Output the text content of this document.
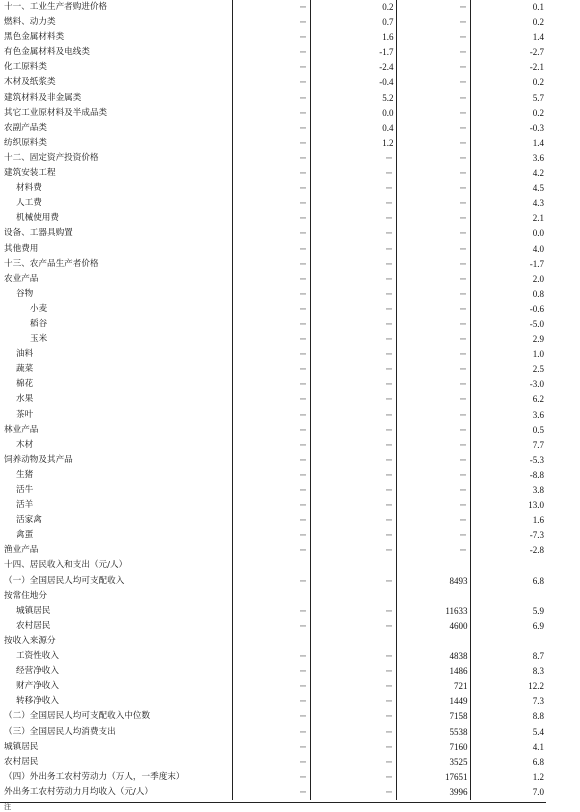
十一、工业生产者购进价格	···	0.2	···	0.1
燃料、动力类	···	0.7	···	0.2
黑色金属材料类	···	1.6	···	1.4
有色金属材料及电线类	···	-1.7	···	-2.7
化工原料类	···	-2.4	···	-2.1
木材及纸浆类	···	-0.4	···	0.2
建筑材料及非金属类	···	5.2	···	5.7
其它工业原材料及半成品类	···	0.0	···	0.2
农副产品类	···	0.4	···	-0.3
纺织原料类	···	1.2	···	1.4
十二、固定资产投资价格	···	···	···	3.6
建筑安装工程	···	···	···	4.2
材料费	···	···	···	4.5
人工费	···	···	···	4.3
机械使用费	···	···	···	2.1
设备、工器具购置	···	···	···	0.0
其他费用	···	···	···	4.0
十三、农产品生产者价格	···	···	···	-1.7
农业产品	···	···	···	2.0
谷物	···	···	···	0.8
小麦	···	···	···	-0.6
稻谷	···	···	···	-5.0
玉米	···	···	···	2.9
油料	···	···	···	1.0
蔬菜	···	···	···	2.5
棉花	···	···	···	-3.0
水果	···	···	···	6.2
茶叶	···	···	···	3.6
林业产品	···	···	···	0.5
木材	···	···	···	7.7
饲养动物及其产品	···	···	···	-5.3
生猪	···	···	···	-8.8
活牛	···	···	···	3.8
活羊	···	···	···	13.0
活家禽	···	···	···	1.6
禽蛋	···	···	···	-7.3
渔业产品	···	···	···	-2.8
十四、居民收入和支出（元/人）				
（一）全国居民人均可支配收入	···	···	8493	6.8
按常住地分				
城镇居民	···	···	11633	5.9
农村居民	···	···	4600	6.9
按收入来源分				
工资性收入	···	···	4838	8.7
经营净收入	···	···	1486	8.3
财产净收入	···	···	721	12.2
转移净收入	···	···	1449	7.3
（二）全国居民人均可支配收入中位数	···	···	7158	8.8
（三）全国居民人均消费支出	···	···	5538	5.4
城镇居民	···	···	7160	4.1
农村居民	···	···	3525	6.8
（四）外出务工农村劳动力（万人，一季度末）	···	···	17651	1.2
外出务工农村劳动力月均收入（元/人）	···	···	3996	7.0
注
